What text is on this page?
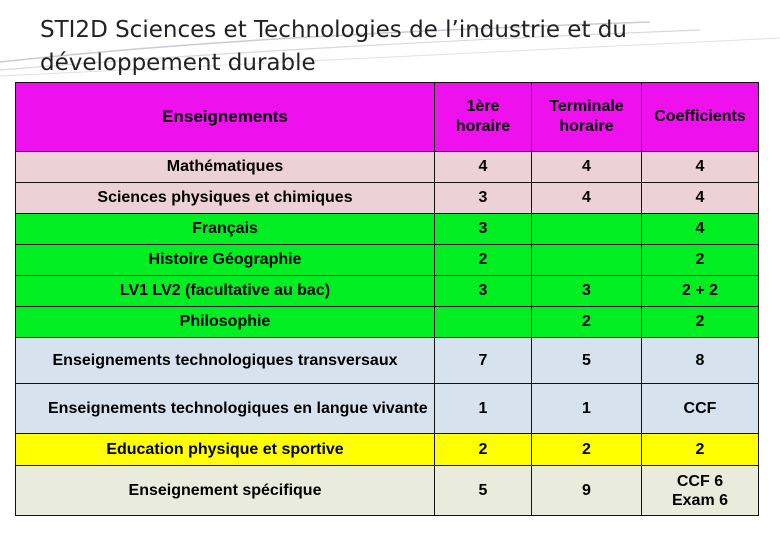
STI2D Sciences et Technologies de l’industrie et du développement durable
Enseignements	1ère horaire	Terminale horaire	Coefficients
Mathématiques	4	4	4
Sciences physiques et chimiques	3	4	4
Français	3		4
Histoire Géographie	2		2
LV1 LV2 (facultative au bac)	3	3	2 + 2
Philosophie		2	2
Enseignements technologiques transversaux	7	5	8
Enseignements technologiques en langue vivante	1	1	CCF
Education physique et sportive	2	2	2
Enseignement spécifique	5	9	CCF 6 Exam 6
